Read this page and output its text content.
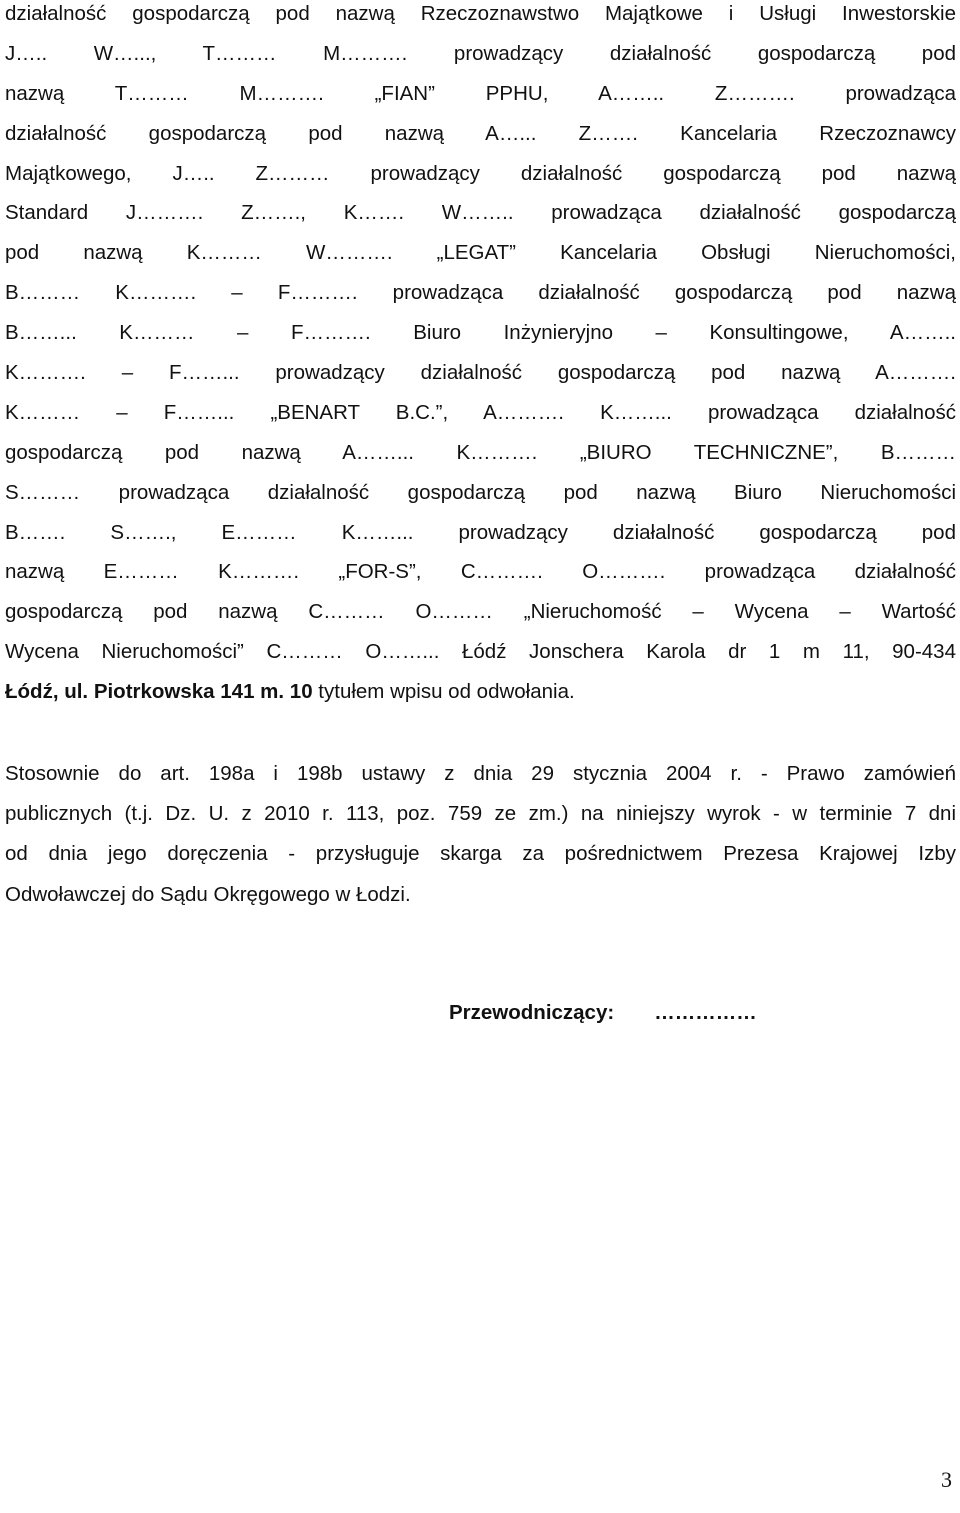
działalność gospodarczą pod nazwą Rzeczoznawstwo Majątkowe i Usługi Inwestorskie
J….. W…..., T……… M………. prowadzący działalność gospodarczą pod
nazwą T……… M………. „FIAN” PPHU, A…….. Z………. prowadząca
działalność gospodarczą pod nazwą A…... Z……. Kancelaria Rzeczoznawcy
Majątkowego, J….. Z……… prowadzący działalność gospodarczą pod nazwą
Standard J………. Z……., K……. W…….. prowadząca działalność gospodarczą
pod nazwą K……… W………. „LEGAT” Kancelaria Obsługi Nieruchomości,
B……… K………. – F………. prowadząca działalność gospodarczą pod nazwą
B……... K……… – F………. Biuro Inżynieryjno – Konsultingowe, A……..
K………. – F……... prowadzący działalność gospodarczą pod nazwą A……….
K……… – F……... „BENART B.C.”, A………. K……... prowadząca działalność
gospodarczą pod nazwą A……... K………. „BIURO TECHNICZNE”, B………
S……… prowadząca działalność gospodarczą pod nazwą Biuro Nieruchomości
B……. S……., E……… K……... prowadzący działalność gospodarczą pod
nazwą E……… K………. „FOR-S”, C………. O………. prowadząca działalność
gospodarczą pod nazwą C……… O……… „Nieruchomość – Wycena – Wartość
Wycena Nieruchomości” C……… O……... Łódź Jonschera Karola dr 1 m 11, 90-434
Łódź, ul. Piotrkowska 141 m. 10 tytułem wpisu od odwołania.
Stosownie do art. 198a i 198b ustawy z dnia 29 stycznia 2004 r. - Prawo zamówień
publicznych (t.j. Dz. U. z 2010 r. 113, poz. 759 ze zm.) na niniejszy wyrok - w terminie 7 dni
od dnia jego doręczenia - przysługuje skarga za pośrednictwem Prezesa Krajowej Izby
Odwoławczej do Sądu Okręgowego w Łodzi.
Przewodniczący: ……………
3
